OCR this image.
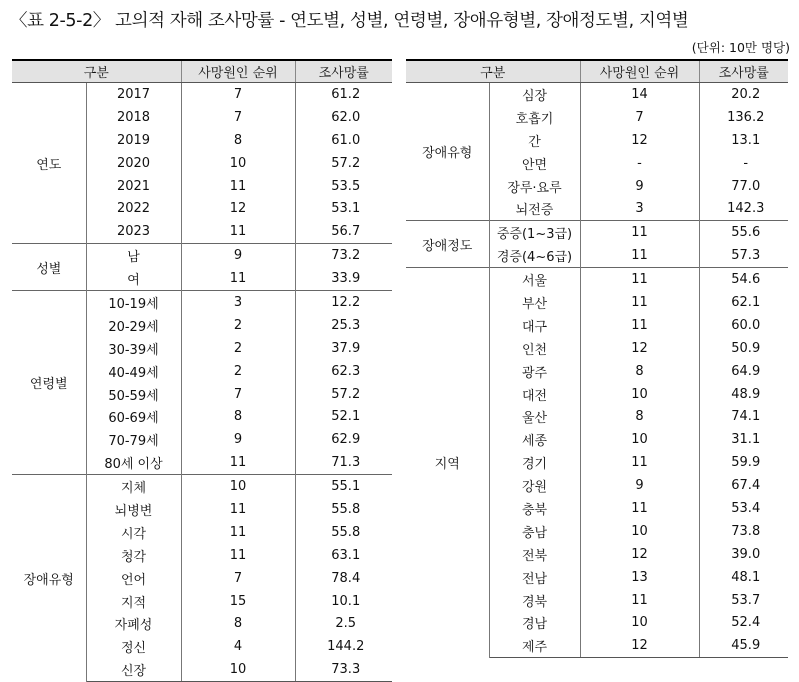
〈표 2-5-2〉 고의적 자해 조사망률 - 연도별, 성별, 연령별, 장애유형별, 장애정도별, 지역별
(단위: 10만 명당)
구분		사망원인 순위	조사망률
연도	2017	7	61.2
	2018	7	62.0
	2019	8	61.0
	2020	10	57.2
	2021	11	53.5
	2022	12	53.1
	2023	11	56.7
성별	남	9	73.2
	여	11	33.9
연령별	10-19세	3	12.2
	20-29세	2	25.3
	30-39세	2	37.9
	40-49세	2	62.3
	50-59세	7	57.2
	60-69세	8	52.1
	70-79세	9	62.9
	80세 이상	11	71.3
장애유형	지체	10	55.1
	뇌병변	11	55.8
	시각	11	55.8
	청각	11	63.1
	언어	7	78.4
	지적	15	10.1
	자폐성	8	2.5
	정신	4	144.2
	신장	10	73.3
구분		사망원인 순위	조사망률
장애유형	심장	14	20.2
	호흡기	7	136.2
	간	12	13.1
	안면	-	-
	장루·요루	9	77.0
	뇌전증	3	142.3
장애정도	중증(1~3급)	11	55.6
	경증(4~6급)	11	57.3
지역	서울	11	54.6
	부산	11	62.1
	대구	11	60.0
	인천	12	50.9
	광주	8	64.9
	대전	10	48.9
	울산	8	74.1
	세종	10	31.1
	경기	11	59.9
	강원	9	67.4
	충북	11	53.4
	충남	10	73.8
	전북	12	39.0
	전남	13	48.1
	경북	11	53.7
	경남	10	52.4
	제주	12	45.9
